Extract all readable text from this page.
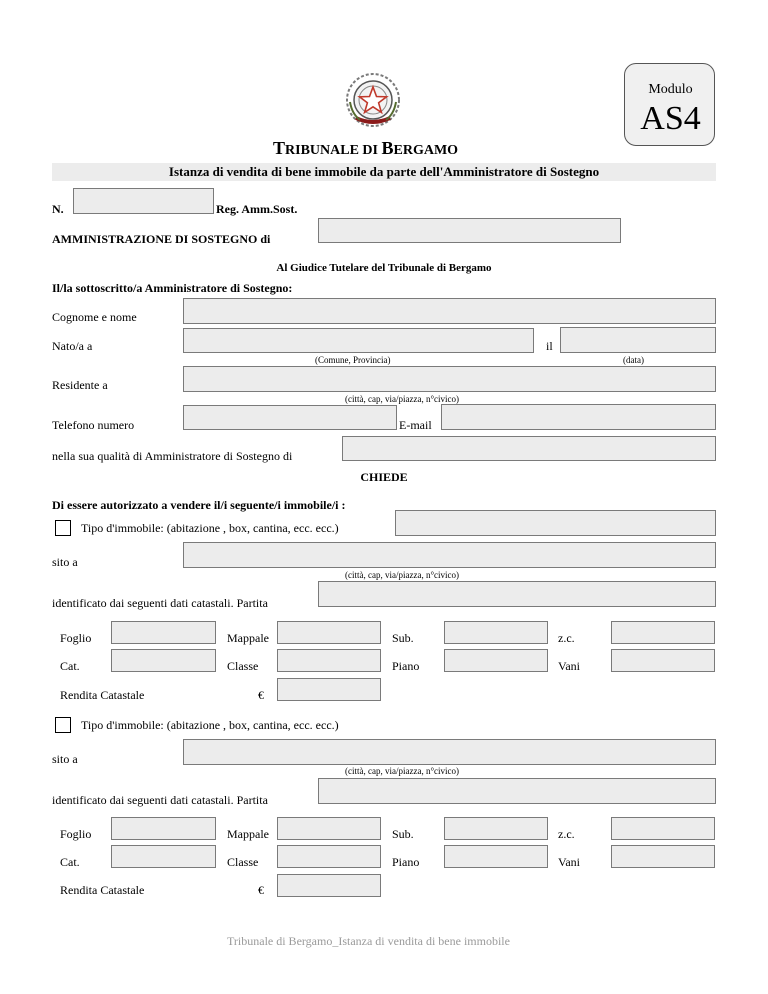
Modulo
AS4
TRIBUNALE DI BERGAMO
Istanza di vendita di bene immobile da parte dell'Amministratore di Sostegno
N.	Reg. Amm.Sost.
AMMINISTRAZIONE DI SOSTEGNO di
Al Giudice Tutelare del Tribunale di Bergamo
Il/la sottoscritto/a Amministratore di Sostegno:
Cognome e nome
Nato/a a	il
(Comune, Provincia)	(data)
Residente a
(città, cap, via/piazza, n°civico)
Telefono numero	E-mail
nella sua qualità di Amministratore di Sostegno di
CHIEDE
Di essere autorizzato a vendere il/i seguente/i immobile/i :
Tipo d'immobile: (abitazione , box, cantina, ecc. ecc.)
sito a
(città, cap, via/piazza, n°civico)
identificato dai seguenti dati catastali. Partita
Foglio	Mappale	Sub.	z.c.
Cat.	Classe	Piano	Vani
Rendita Catastale	€
Tipo d'immobile: (abitazione , box, cantina, ecc. ecc.)
sito a
(città, cap, via/piazza, n°civico)
identificato dai seguenti dati catastali. Partita
Foglio	Mappale	Sub.	z.c.
Cat.	Classe	Piano	Vani
Rendita Catastale	€
Tribunale di Bergamo_Istanza di vendita di bene immobile
